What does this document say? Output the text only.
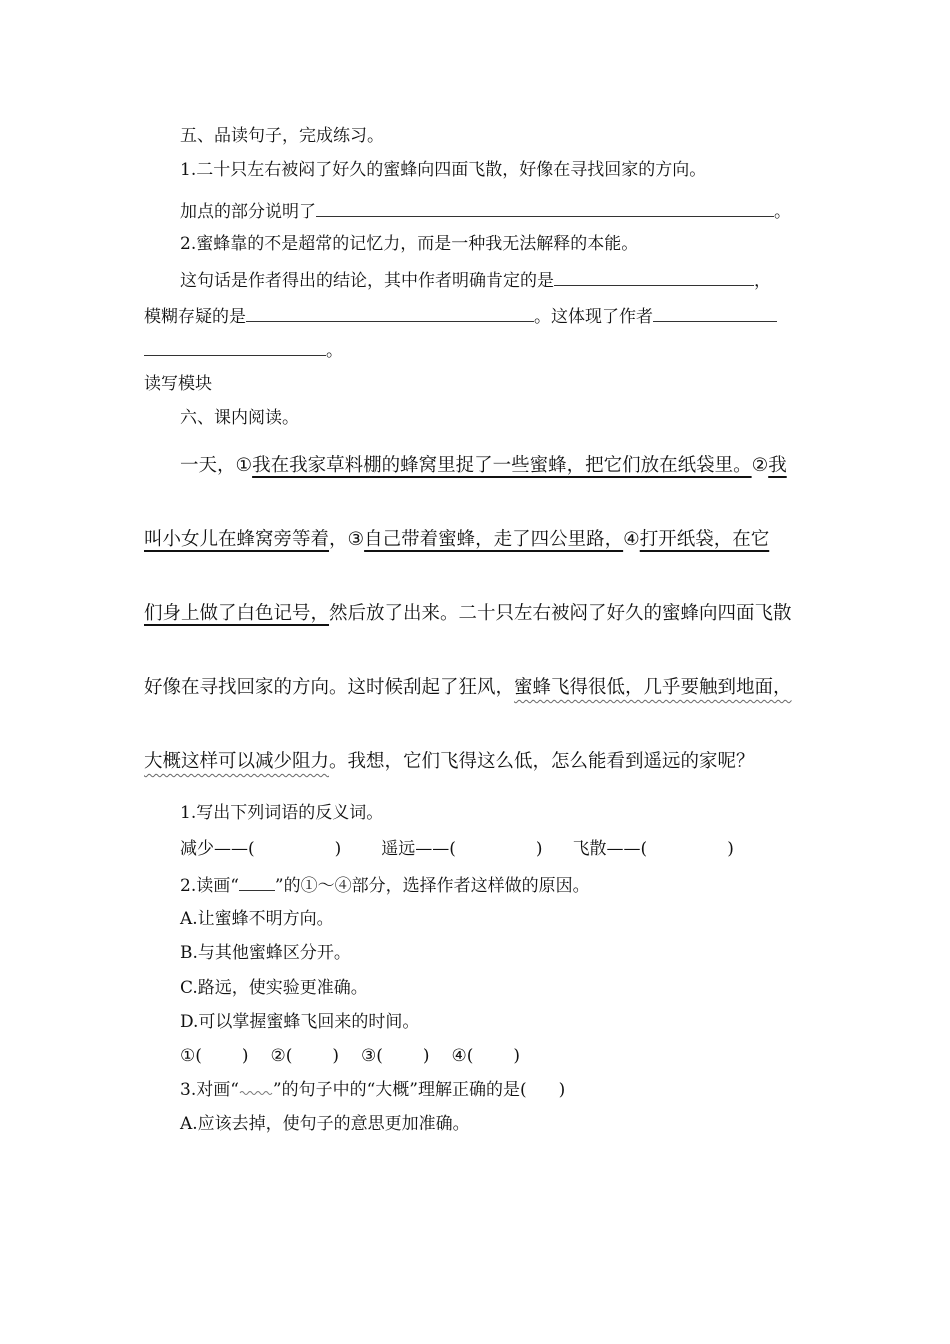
五、品读句子，完成练习。
1.二十只左右被闷了好久的蜜蜂向四面飞散，好像在寻找回家的方向。
加点的部分说明了	。
2.蜜蜂靠的不是超常的记忆力，而是一种我无法解释的本能。
这句话是作者得出的结论，其中作者明确肯定的是	，
模糊存疑的是	。这体现了作者
。
读写模块
六、课内阅读。
一天，①我在我家草料棚的蜂窝里捉了一些蜜蜂，把它们放在纸袋里。②我
叫小女儿在蜂窝旁等着，③自己带着蜜蜂，走了四公里路，④打开纸袋，在它
们身上做了白色记号，然后放了出来。二十只左右被闷了好久的蜜蜂向四面飞散
好像在寻找回家的方向。这时候刮起了狂风，蜜蜂飞得很低，几乎要触到地面，
大概这样可以减少阻力。我想，它们飞得这么低，怎么能看到遥远的家呢？
1.写出下列词语的反义词。
减少——(	) 遥远——(	) 飞散——(	)
2.读画“ ”的①～④部分，选择作者这样做的原因。
A.让蜜蜂不明方向。
B.与其他蜜蜂区分开。
C.路远，使实验更准确。
D.可以掌握蜜蜂飞回来的时间。
①( ) ②( ) ③( ) ④( )
3.对画“ ”的句子中的“大概”理解正确的是( )
A.应该去掉，使句子的意思更加准确。
